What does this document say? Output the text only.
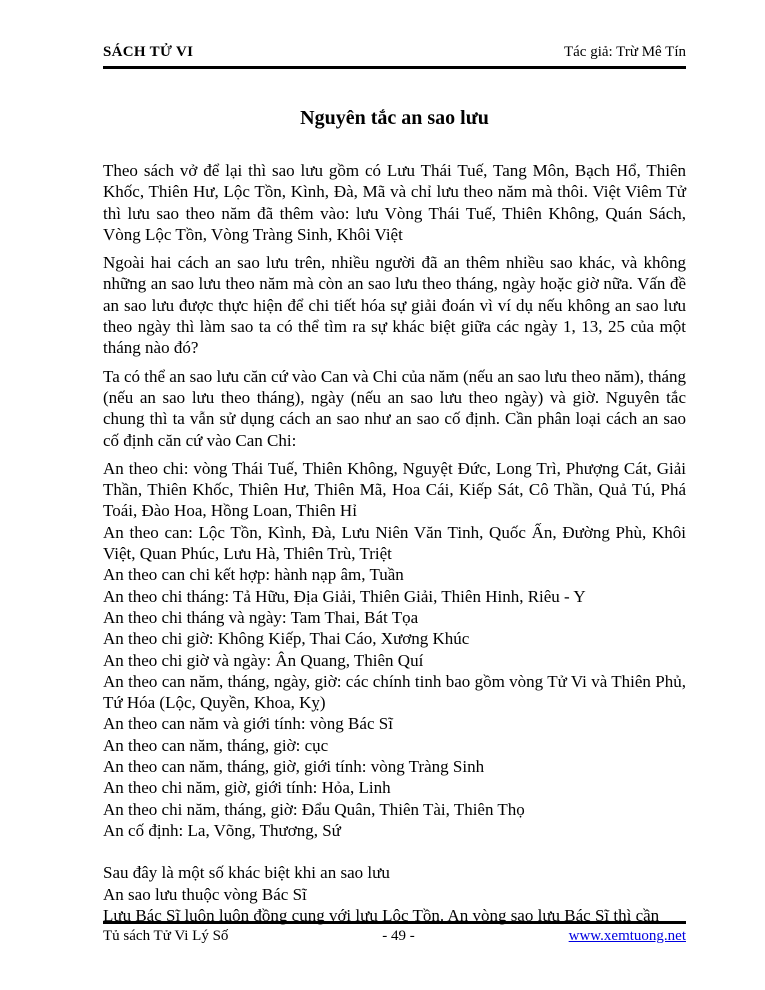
SÁCH TỬ VI	Tác giả: Trừ Mê Tín
Nguyên tắc an sao lưu

Theo sách vở để lại thì sao lưu gồm có Lưu Thái Tuế, Tang Môn, Bạch Hổ, Thiên Khốc, Thiên Hư, Lộc Tồn, Kình, Đà, Mã và chỉ lưu theo năm mà thôi. Việt Viêm Tử thì lưu sao theo năm đã thêm vào: lưu Vòng Thái Tuế, Thiên Không, Quán Sách, Vòng Lộc Tồn, Vòng Tràng Sinh, Khôi Việt

Ngoài hai cách an sao lưu trên, nhiều người đã an thêm nhiều sao khác, và không những an sao lưu theo năm mà còn an sao lưu theo tháng, ngày hoặc giờ nữa. Vấn đề an sao lưu được thực hiện để chi tiết hóa sự giải đoán vì ví dụ nếu không an sao lưu theo ngày thì làm sao ta có thể tìm ra sự khác biệt giữa các ngày 1, 13, 25 của một tháng nào đó?

Ta có thể an sao lưu căn cứ vào Can và Chi của năm (nếu an sao lưu theo năm), tháng (nếu an sao lưu theo tháng), ngày (nếu an sao lưu theo ngày) và giờ. Nguyên tắc chung thì ta vẫn sử dụng cách an sao như an sao cố định. Cần phân loại cách an sao cố định căn cứ vào Can Chi:

An theo chi: vòng Thái Tuế, Thiên Không, Nguyệt Đức, Long Trì, Phượng Cát, Giải Thần, Thiên Khốc, Thiên Hư, Thiên Mã, Hoa Cái, Kiếp Sát, Cô Thần, Quả Tú, Phá Toái, Đào Hoa, Hồng Loan, Thiên Hỉ

An theo can: Lộc Tồn, Kình, Đà, Lưu Niên Văn Tinh, Quốc Ấn, Đường Phù, Khôi Việt, Quan Phúc, Lưu Hà, Thiên Trù, Triệt

An theo can chi kết hợp: hành nạp âm, Tuần

An theo chi tháng: Tả Hữu, Địa Giải, Thiên Giải, Thiên Hinh, Riêu - Y

An theo chi tháng và ngày: Tam Thai, Bát Tọa

An theo chi giờ: Không Kiếp, Thai Cáo, Xương Khúc

An theo chi giờ và ngày: Ân Quang, Thiên Quí

An theo can năm, tháng, ngày, giờ: các chính tinh bao gồm vòng Tử Vi và Thiên Phủ, Tứ Hóa (Lộc, Quyền, Khoa, Kỵ)

An theo can năm và giới tính: vòng Bác Sĩ

An theo can năm, tháng, giờ: cục

An theo can năm, tháng, giờ, giới tính: vòng Tràng Sinh

An theo chi năm, giờ, giới tính: Hỏa, Linh

An theo chi năm, tháng, giờ: Đẩu Quân, Thiên Tài, Thiên Thọ

An cố định: La, Võng, Thương, Sứ

Sau đây là một số khác biệt khi an sao lưu

An sao lưu thuộc vòng Bác Sĩ

Lưu Bác Sĩ luôn luôn đồng cung với lưu Lộc Tồn. An vòng sao lưu Bác Sĩ thì cần

Tủ sách Tử Vi Lý Số	- 49 -	www.xemtuong.net
